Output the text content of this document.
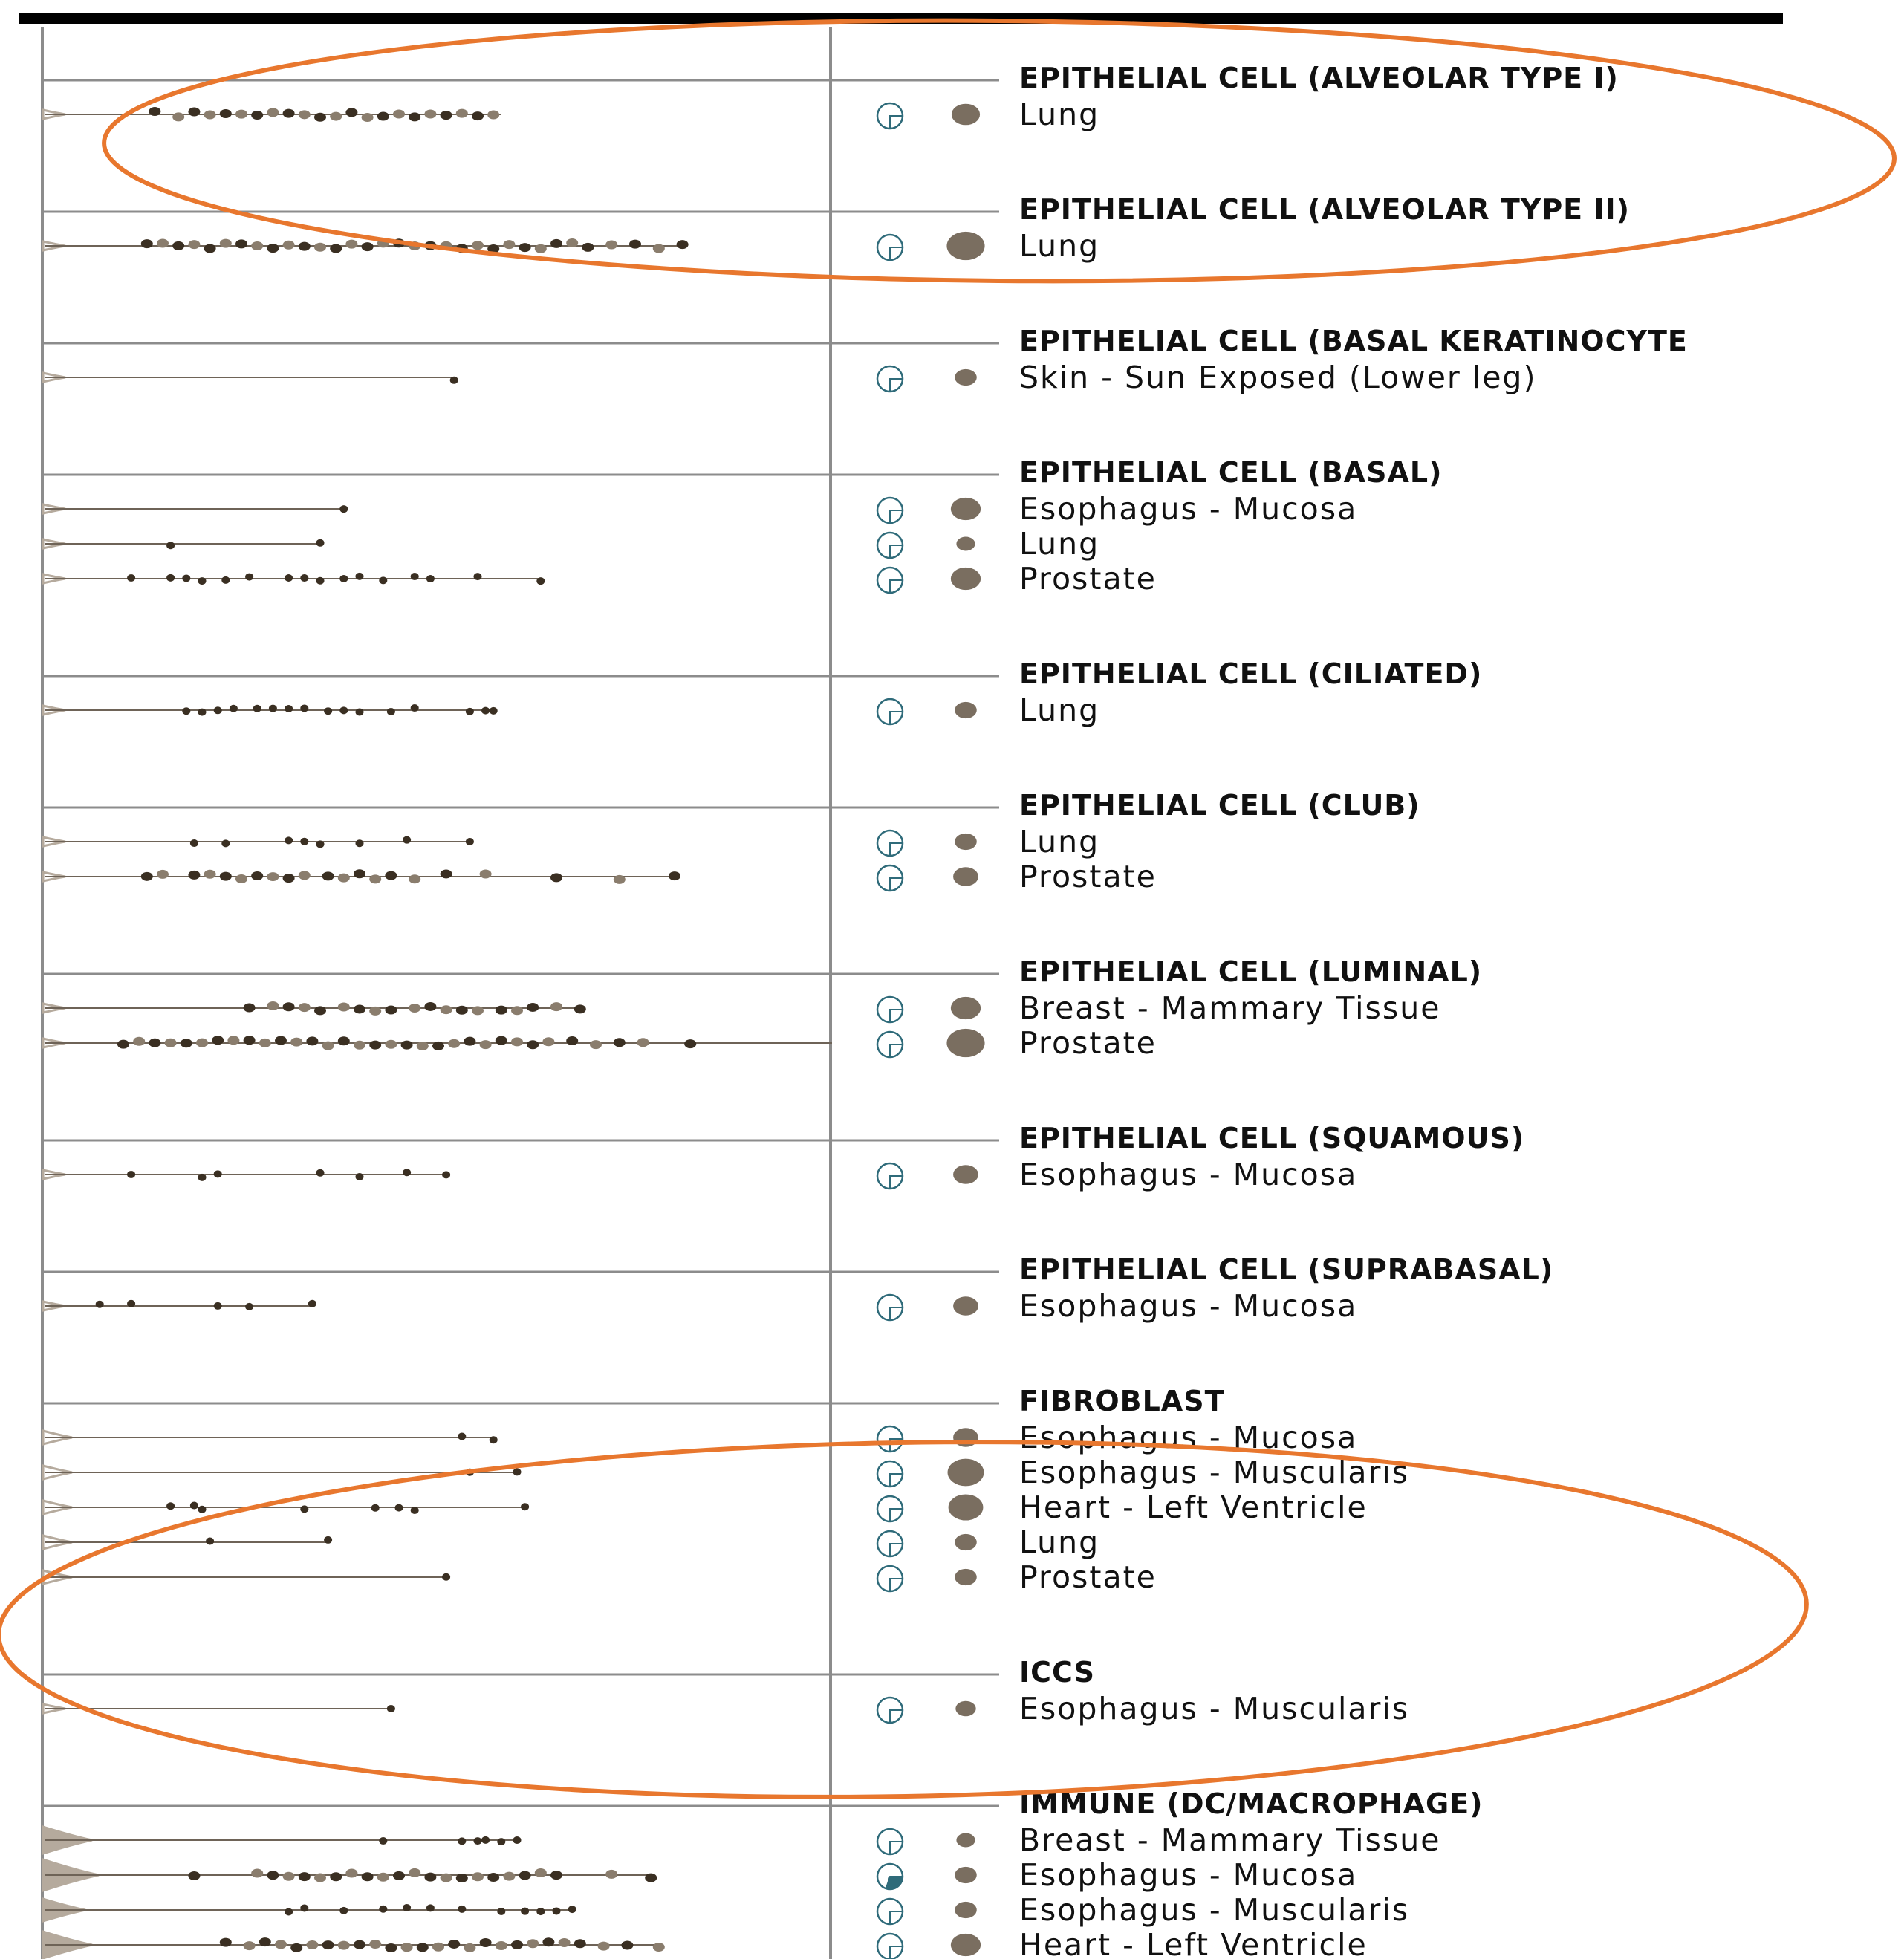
EPITHELIAL CELL (ALVEOLAR TYPE I)
Lung
EPITHELIAL CELL (ALVEOLAR TYPE II)
Lung
EPITHELIAL CELL (BASAL KERATINOCYTE
Skin - Sun Exposed (Lower leg)
EPITHELIAL CELL (BASAL)
Esophagus - Mucosa
Lung
Prostate
EPITHELIAL CELL (CILIATED)
Lung
EPITHELIAL CELL (CLUB)
Lung
Prostate
EPITHELIAL CELL (LUMINAL)
Breast - Mammary Tissue
Prostate
EPITHELIAL CELL (SQUAMOUS)
Esophagus - Mucosa
EPITHELIAL CELL (SUPRABASAL)
Esophagus - Mucosa
FIBROBLAST
Esophagus - Mucosa
Esophagus - Muscularis
Heart - Left Ventricle
Lung
Prostate
ICCS
Esophagus - Muscularis
IMMUNE (DC/MACROPHAGE)
Breast - Mammary Tissue
Esophagus - Mucosa
Esophagus - Muscularis
Heart - Left Ventricle
